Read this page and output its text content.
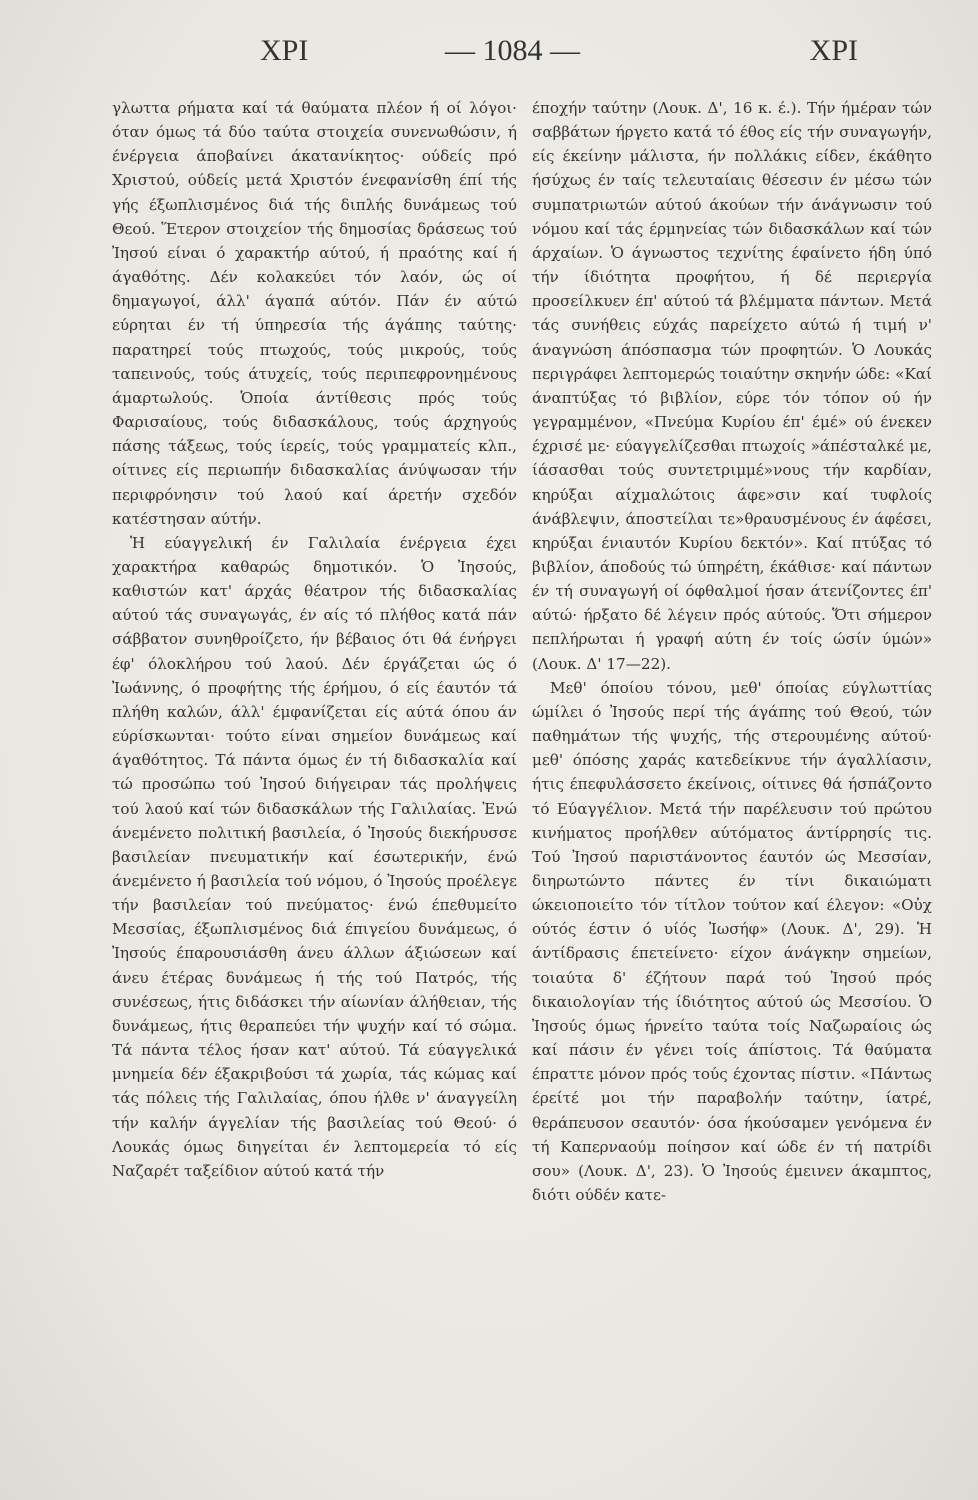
XPI	— 1084 —	XPI

γλωττα ρήματα καί τά θαύματα πλέον ή οί λόγοι· όταν όμως τά δύο ταύτα στοιχεία συνενωθώσιν, ή ένέργεια άποβαίνει άκατανίκητος· ούδείς πρό Χριστού, ούδείς μετά Χριστόν ένεφανίσθη έπί τής γής έξωπλισμένος διά τής διπλής δυνάμεως τού Θεού. Ἕτερον στοιχείον τής δημοσίας δράσεως τού Ἰησού είναι ό χαρακτήρ αύτού, ή πραότης καί ή άγαθότης. Δέν κολακεύει τόν λαόν, ώς οί δημαγωγοί, άλλ' άγαπά αύτόν. Πάν έν αύτώ εύρηται έν τή ύπηρεσία τής άγάπης ταύτης· παρατηρεί τούς πτωχούς, τούς μικρούς, τούς ταπεινούς, τούς άτυχείς, τούς περιπεφρονημένους άμαρτωλούς. Ὁποία άντίθεσις πρός τούς Φαρισαίους, τούς διδασκάλους, τούς άρχηγούς πάσης τάξεως, τούς ίερείς, τούς γραμματείς κλπ., οίτινες είς περιωπήν διδασκαλίας άνύψωσαν τήν περιφρόνησιν τού λαού καί άρετήν σχεδόν κατέστησαν αύτήν.

Ἡ εύαγγελική έν Γαλιλαία ένέργεια έχει χαρακτήρα καθαρώς δημοτικόν. Ὁ Ἰησούς, καθιστών κατ' άρχάς θέατρον τής διδασκαλίας αύτού τάς συναγωγάς, έν αίς τό πλήθος κατά πάν σάββατον συνηθροίζετο, ήν βέβαιος ότι θά ένήργει έφ' όλοκλήρου τού λαού. Δέν έργάζεται ώς ό Ἰωάννης, ό προφήτης τής έρήμου, ό είς έαυτόν τά πλήθη καλών, άλλ' έμφανίζεται είς αύτά όπου άν εύρίσκωνται· τούτο είναι σημείον δυνάμεως καί άγαθότητος. Τά πάντα όμως έν τή διδασκαλία καί τώ προσώπω τού Ἰησού διήγειραν τάς προλήψεις τού λαού καί τών διδασκάλων τής Γαλιλαίας. Ἐνώ άνεμένετο πολιτική βασιλεία, ό Ἰησούς διεκήρυσσε βασιλείαν πνευματικήν καί έσωτερικήν, ένώ άνεμένετο ή βασιλεία τού νόμου, ό Ἰησούς προέλεγε τήν βασιλείαν τού πνεύματος· ένώ έπεθυμείτο Μεσσίας, έξωπλισμένος διά έπιγείου δυνάμεως, ό Ἰησούς έπαρουσιάσθη άνευ άλλων άξιώσεων καί άνευ έτέρας δυνάμεως ή τής τού Πατρός, τής συνέσεως, ήτις διδάσκει τήν αίωνίαν άλήθειαν, τής δυνάμεως, ήτις θεραπεύει τήν ψυχήν καί τό σώμα. Τά πάντα τέλος ήσαν κατ' αύτού. Τά εύαγγελικά μνημεία δέν έξακριβούσι τά χωρία, τάς κώμας καί τάς πόλεις τής Γαλιλαίας, όπου ήλθε ν' άναγγείλη τήν καλήν άγγελίαν τής βασιλείας τού Θεού· ό Λουκάς όμως διηγείται έν λεπτομερεία τό είς Ναζαρέτ ταξείδιον αύτού κατά τήν

έποχήν ταύτην (Λουκ. Δ', 16 κ. έ.). Τήν ήμέραν τών σαββάτων ήργετο κατά τό έθος είς τήν συναγωγήν, είς έκείνην μάλιστα, ήν πολλάκις είδεν, έκάθητο ήσύχως έν ταίς τελευταίαις θέσεσιν έν μέσω τών συμπατριωτών αύτού άκούων τήν άνάγνωσιν τού νόμου καί τάς έρμηνείας τών διδασκάλων καί τών άρχαίων. Ὁ άγνωστος τεχνίτης έφαίνετο ήδη ύπό τήν ίδιότητα προφήτου, ή δέ περιεργία προσείλκυεν έπ' αύτού τά βλέμματα πάντων. Μετά τάς συνήθεις εύχάς παρείχετο αύτώ ή τιμή ν' άναγνώση άπόσπασμα τών προφητών. Ὁ Λουκάς περιγράφει λεπτομερώς τοιαύτην σκηνήν ώδε: «Καί άναπτύξας τό βιβλίον, εύρε τόν τόπον ού ήν γεγραμμένον, «Πνεύμα Κυρίου έπ' έμέ» ού ένεκεν έχρισέ με· εύαγγελίζεσθαι πτωχοίς »άπέσταλκέ με, ίάσασθαι τούς συντετριμμέ»νους τήν καρδίαν, κηρύξαι αίχμαλώτοις άφε»σιν καί τυφλοίς άνάβλεψιν, άποστείλαι τε»θραυσμένους έν άφέσει, κηρύξαι ένιαυτόν Κυρίου δεκτόν». Καί πτύξας τό βιβλίον, άποδούς τώ ύπηρέτη, έκάθισε· καί πάντων έν τή συναγωγή οί όφθαλμοί ήσαν άτενίζοντες έπ' αύτώ· ήρξατο δέ λέγειν πρός αύτούς. Ὅτι σήμερον πεπλήρωται ή γραφή αύτη έν τοίς ώσίν ύμών» (Λουκ. Δ' 17—22).

Μεθ' όποίου τόνου, μεθ' όποίας εύγλωττίας ώμίλει ό Ἰησούς περί τής άγάπης τού Θεού, τών παθημάτων τής ψυχής, τής στερουμένης αύτού· μεθ' όπόσης χαράς κατεδείκνυε τήν άγαλλίασιν, ήτις έπεφυλάσσετο έκείνοις, οίτινες θά ήσπάζοντο τό Εύαγγέλιον. Μετά τήν παρέλευσιν τού πρώτου κινήματος προήλθεν αύτόματος άντίρρησίς τις. Τού Ἰησού παριστάνοντος έαυτόν ώς Μεσσίαν, διηρωτώντο πάντες έν τίνι δικαιώματι ώκειοποιείτο τόν τίτλον τούτον καί έλεγον: «Οὐχ ούτός έστιν ό υίός Ἰωσήφ» (Λουκ. Δ', 29). Ἡ άντίδρασις έπετείνετο· είχον άνάγκην σημείων, τοιαύτα δ' έζήτουν παρά τού Ἰησού πρός δικαιολογίαν τής ίδιότητος αύτού ώς Μεσσίου. Ὁ Ἰησούς όμως ήρνείτο ταύτα τοίς Ναζωραίοις ώς καί πάσιν έν γένει τοίς άπίστοις. Τά θαύματα έπραττε μόνον πρός τούς έχοντας πίστιν. «Πάντως έρείτέ μοι τήν παραβολήν ταύτην, ίατρέ, θεράπευσον σεαυτόν· όσα ήκούσαμεν γενόμενα έν τή Καπερναούμ ποίησον καί ώδε έν τή πατρίδι σου» (Λουκ. Δ', 23). Ὁ Ἰησούς έμεινεν άκαμπτος, διότι ούδέν κατε-
